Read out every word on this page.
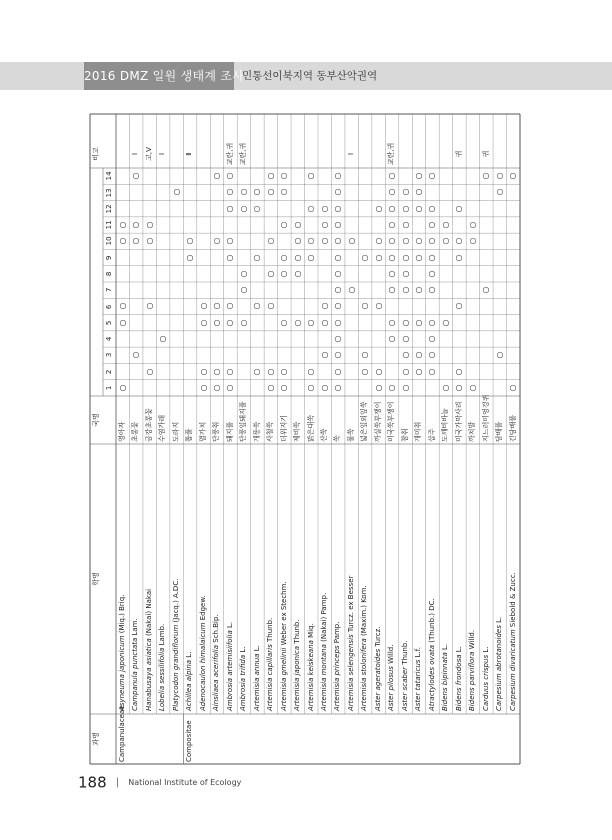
2016 DMZ 일원 생태계 조사
민통선이북지역 동부산악권역
과명
학명
국명
비고
1
2
3
4
5
6
7
8
9
10
11
12
13
14
Campanulaceae	Compositae
Asyneuma japonicum (Miq.) Briq.
영아자
○
○
○
○
○
Campanula punctata Lam.
초롱꽃
○
○
○
○
Ⅰ
Hanabusaya asiatica (Nakai) Nakai
금강초롱꽃
○
○
○
○
고,Ⅴ
Lobelia sessilifolia Lamb.
수염가래
○
Ⅰ
Platycodon grandiflorum (Jacq.) A.DC.
도라지
○
Achillea alpina L.
톱풀
○
○
Ⅱ
Adenocaulon himalaicum Edgew.
멸가치
○
○
○
○
Ainsliaea acerifolia Sch.Bip.
단풍취
○
○
○
○
○
○
Ambrosia artemisiifolia L.
돼지풀
○
○
○
○
○
○
○
○
○
교란,귀
Ambrosia trifida L.
단풍잎돼지풀
○
○
○
○
○
교란,귀
Artemisia annua L.
개똥쑥
○
○
○
○
○
Artemisia capillaris Thunb.
사철쑥
○
○
○
○
○
○
○
Artemisia gmelinii Weber ex Stechm.
더위지기
○
○
○
○
○
○
○
○
Artemisia japonica Thunb.
제비쑥
○
○
○
○
○
Artemisia keiskeana Miq.
맑은대쑥
○
○
○
○
○
○
○
Artemisia montana (Nakai) Pamp.
산쑥
○
○
○
○
○
○
○
Artemisia princeps Pamp.
쑥
○
○
○
○
○
○
○
○
○
○
○
○
○
○
Artemisia selengensis Turcz. ex Besser
물쑥
○
○
Ⅰ
Artemisia stolonifera (Maxim.) Kom.
넓은잎외잎쑥
○
○
○
○
Aster ageratoides Turcz.
까실쑥부쟁이
○
○
○
○
○
○
Aster pilosus Willd.
미국쑥부쟁이
○
○
○
○
○
○
○
○
○
○
○
교란,귀
Aster scaber Thunb.
참취
○
○
○
○
○
○
○
○
○
○
○
○
Aster tataricus L.f.
개미취
○
○
○
○
○
○
○
○
○
Atractylodes ovata (Thunb.) DC.
삽주
○
○
○
○
○
○
○
○
○
○
○
Bidens bipinnata L.
도깨비바늘
○
○
○
○
Bidens frondosa L.
미국가막사리
○
○
○
○
○
○
귀
Bidens parviflora Willd.
까치발
○
○
○
Carduus crispus L.
지느러미엉겅퀴
○
○
귀
Carpesium abrotanoides L.
담배풀
○
○
○
Carpesium divaricatum Siebold & Zucc.
긴담배풀
○
○
188 | National Institute of Ecology
